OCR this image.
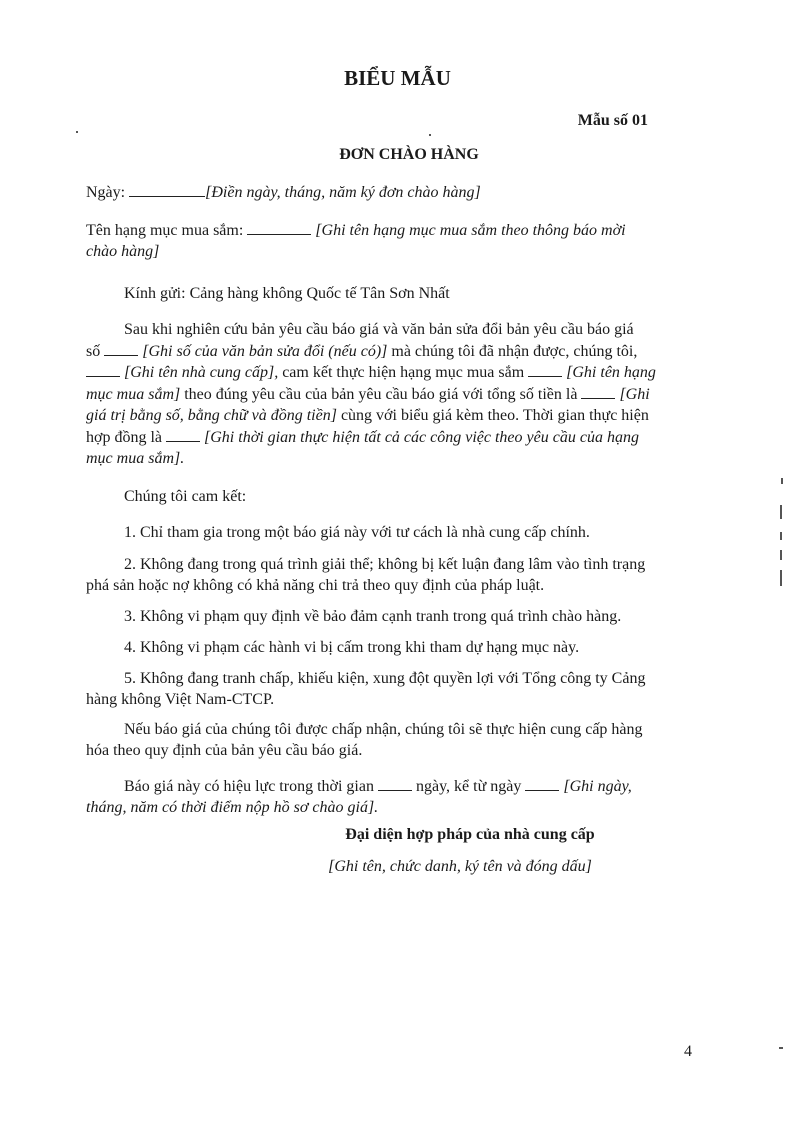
BIỂU MẪU
Mẫu số 01
ĐƠN CHÀO HÀNG
Ngày:	[Điền ngày, tháng, năm ký đơn chào hàng]
Tên hạng mục mua sắm:	[Ghi tên hạng mục mua sắm theo thông báo mời
chào hàng]
Kính gửi: Cảng hàng không Quốc tế Tân Sơn Nhất
Sau khi nghiên cứu bản yêu cầu báo giá và văn bản sửa đổi bản yêu cầu báo giá
số	[Ghi số của văn bản sửa đổi (nếu có)] mà chúng tôi đã nhận được, chúng tôi,
[Ghi tên nhà cung cấp], cam kết thực hiện hạng mục mua sắm	[Ghi tên hạng
mục mua sắm] theo đúng yêu cầu của bản yêu cầu báo giá với tổng số tiền là	[Ghi
giá trị bằng số, bằng chữ và đồng tiền] cùng với biểu giá kèm theo. Thời gian thực hiện
hợp đồng là	[Ghi thời gian thực hiện tất cả các công việc theo yêu cầu của hạng
mục mua sắm].
Chúng tôi cam kết:
1. Chỉ tham gia trong một báo giá này với tư cách là nhà cung cấp chính.
2. Không đang trong quá trình giải thể; không bị kết luận đang lâm vào tình trạng
phá sản hoặc nợ không có khả năng chi trả theo quy định của pháp luật.
3. Không vi phạm quy định về bảo đảm cạnh tranh trong quá trình chào hàng.
4. Không vi phạm các hành vi bị cấm trong khi tham dự hạng mục này.
5. Không đang tranh chấp, khiếu kiện, xung đột quyền lợi với Tổng công ty Cảng
hàng không Việt Nam-CTCP.
Nếu báo giá của chúng tôi được chấp nhận, chúng tôi sẽ thực hiện cung cấp hàng
hóa theo quy định của bản yêu cầu báo giá.
Báo giá này có hiệu lực trong thời gian	ngày, kể từ ngày	[Ghi ngày,
tháng, năm có thời điểm nộp hồ sơ chào giá].
Đại diện hợp pháp của nhà cung cấp
[Ghi tên, chức danh, ký tên và đóng dấu]
4
